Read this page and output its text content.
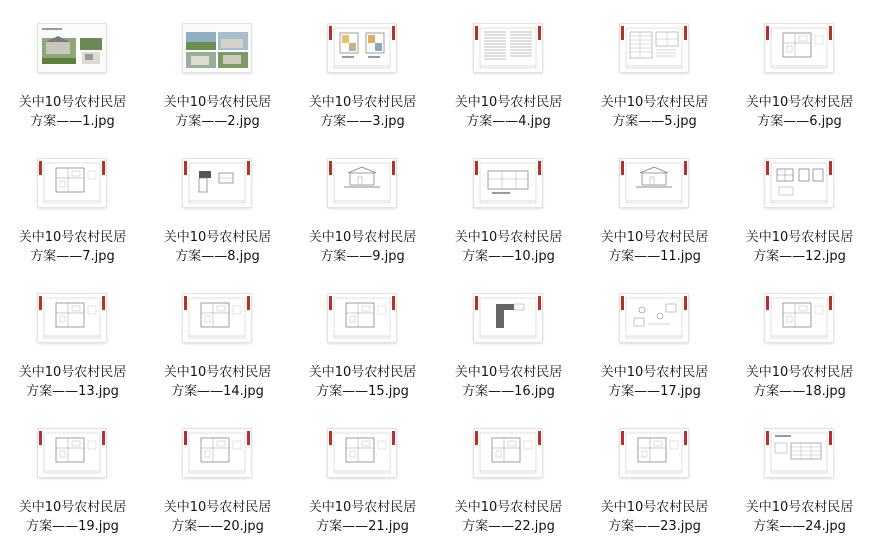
关中10号农村民居
方案——1.jpg
关中10号农村民居
方案——2.jpg
关中10号农村民居
方案——3.jpg
关中10号农村民居
方案——4.jpg
关中10号农村民居
方案——5.jpg
关中10号农村民居
方案——6.jpg
关中10号农村民居
方案——7.jpg
关中10号农村民居
方案——8.jpg
关中10号农村民居
方案——9.jpg
关中10号农村民居
方案——10.jpg
关中10号农村民居
方案——11.jpg
关中10号农村民居
方案——12.jpg
关中10号农村民居
方案——13.jpg
关中10号农村民居
方案——14.jpg
关中10号农村民居
方案——15.jpg
关中10号农村民居
方案——16.jpg
关中10号农村民居
方案——17.jpg
关中10号农村民居
方案——18.jpg
关中10号农村民居
方案——19.jpg
关中10号农村民居
方案——20.jpg
关中10号农村民居
方案——21.jpg
关中10号农村民居
方案——22.jpg
关中10号农村民居
方案——23.jpg
关中10号农村民居
方案——24.jpg
